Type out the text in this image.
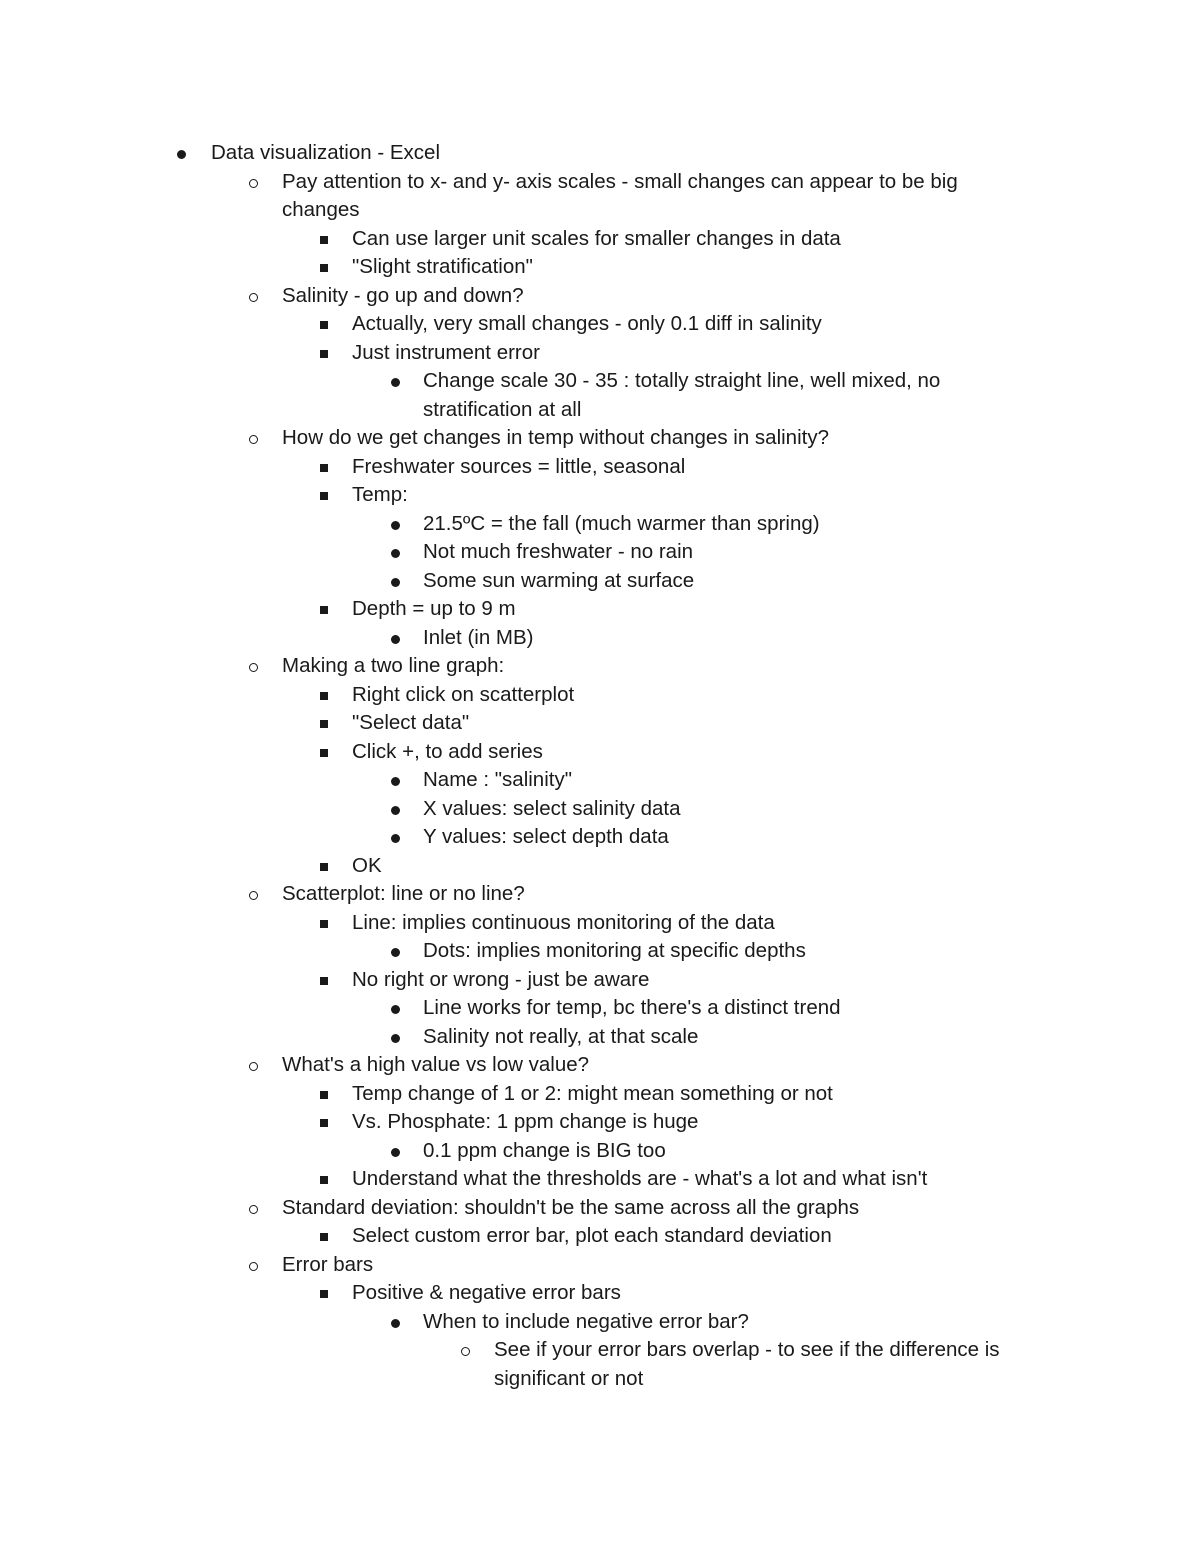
Data visualization - Excel
Pay attention to x- and y- axis scales - small changes can appear to be big changes
Can use larger unit scales for smaller changes in data
"Slight stratification"
Salinity - go up and down?
Actually, very small changes - only 0.1 diff in salinity
Just instrument error
Change scale 30 - 35 : totally straight line, well mixed, no stratification at all
How do we get changes in temp without changes in salinity?
Freshwater sources = little, seasonal
Temp:
21.5ºC = the fall (much warmer than spring)
Not much freshwater - no rain
Some sun warming at surface
Depth = up to 9 m
Inlet (in MB)
Making a two line graph:
Right click on scatterplot
"Select data"
Click +, to add series
Name : "salinity"
X values: select salinity data
Y values: select depth data
OK
Scatterplot: line or no line?
Line: implies continuous monitoring of the data
Dots: implies monitoring at specific depths
No right or wrong - just be aware
Line works for temp, bc there's a distinct trend
Salinity not really, at that scale
What's a high value vs low value?
Temp change of 1 or 2: might mean something or not
Vs. Phosphate: 1 ppm change is huge
0.1 ppm change is BIG too
Understand what the thresholds are - what's a lot and what isn't
Standard deviation: shouldn't be the same across all the graphs
Select custom error bar, plot each standard deviation
Error bars
Positive & negative error bars
When to include negative error bar?
See if your error bars overlap - to see if the difference is significant or not
